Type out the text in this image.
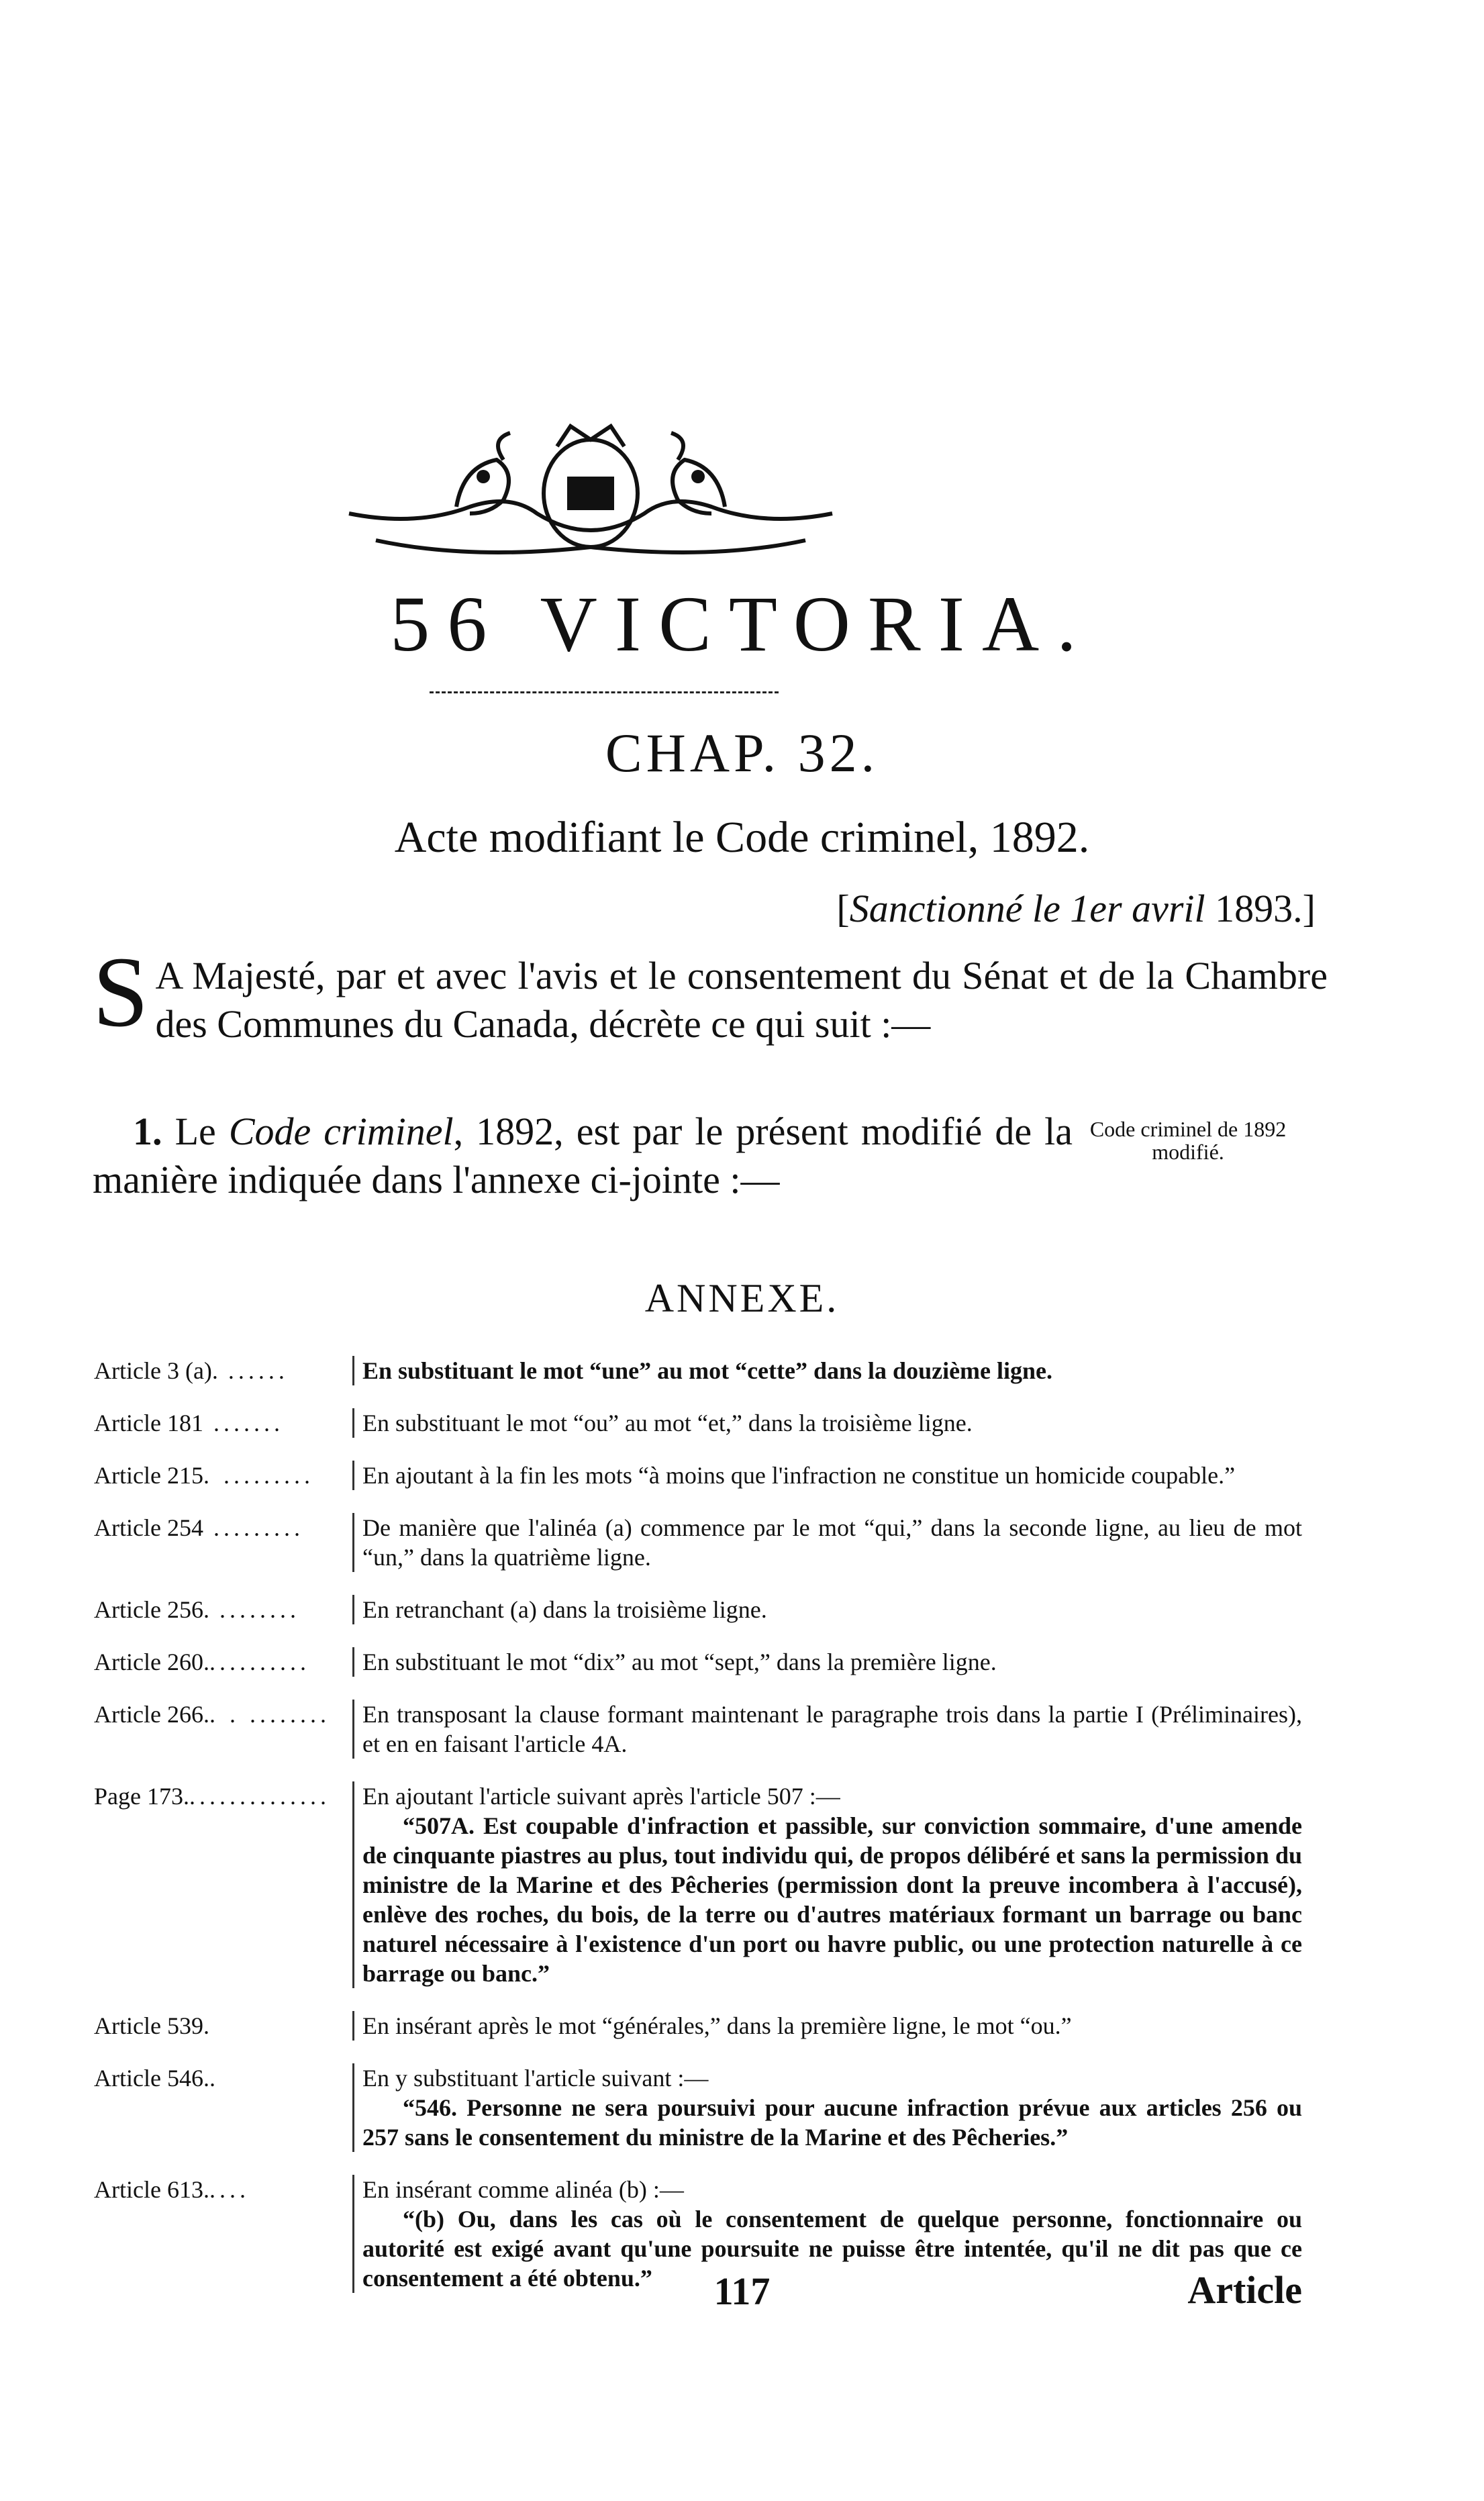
56 VICTORIA.
CHAP. 32.
Acte modifiant le Code criminel, 1892.
[Sanctionné le 1er avril 1893.]
S A Majesté, par et avec l'avis et le consentement du Sénat et de la Chambre des Communes du Canada, décrète ce qui suit :—
1. Le Code criminel, 1892, est par le présent modifié de la manière indiquée dans l'annexe ci-jointe :—
Code criminel de 1892 modifié.
ANNEXE.
Article 3 (a). ......	En substituant le mot “une” au mot “cette” dans la douzième ligne.
Article 181 .......	En substituant le mot “ou” au mot “et,” dans la troisième ligne.
Article 215. .........	En ajoutant à la fin les mots “à moins que l'infraction ne constitue un homicide coupable.”
Article 254 .........	De manière que l'alinéa (a) commence par le mot “qui,” dans la seconde ligne, au lieu de mot “un,” dans la quatrième ligne.
Article 256. ........	En retranchant (a) dans la troisième ligne.
Article 260...........	En substituant le mot “dix” au mot “sept,” dans la première ligne.
Article 266.. . ........	En transposant la clause formant maintenant le paragraphe trois dans la partie I (Préliminaires), et en en faisant l'article 4A.
Page 173...............	En ajoutant l'article suivant après l'article 507 :—
“507A. Est coupable d'infraction et passible, sur conviction sommaire, d'une amende de cinquante piastres au plus, tout individu qui, de propos délibéré et sans la permission du ministre de la Marine et des Pêcheries (permission dont la preuve incombera à l'accusé), enlève des roches, du bois, de la terre ou d'autres matériaux formant un barrage ou banc naturel nécessaire à l'existence d'un port ou havre public, ou une protection naturelle à ce barrage ou banc.”
Article 539.	En insérant après le mot “générales,” dans la première ligne, le mot “ou.”
Article 546..	En y substituant l'article suivant :—
“546. Personne ne sera poursuivi pour aucune infraction prévue aux articles 256 ou 257 sans le consentement du ministre de la Marine et des Pêcheries.”
Article 613.....	En insérant comme alinéa (b) :—
“(b) Ou, dans les cas où le consentement de quelque personne, fonctionnaire ou autorité est exigé avant qu'une poursuite ne puisse être intentée, qu'il ne dit pas que ce consentement a été obtenu.”	117	Article
